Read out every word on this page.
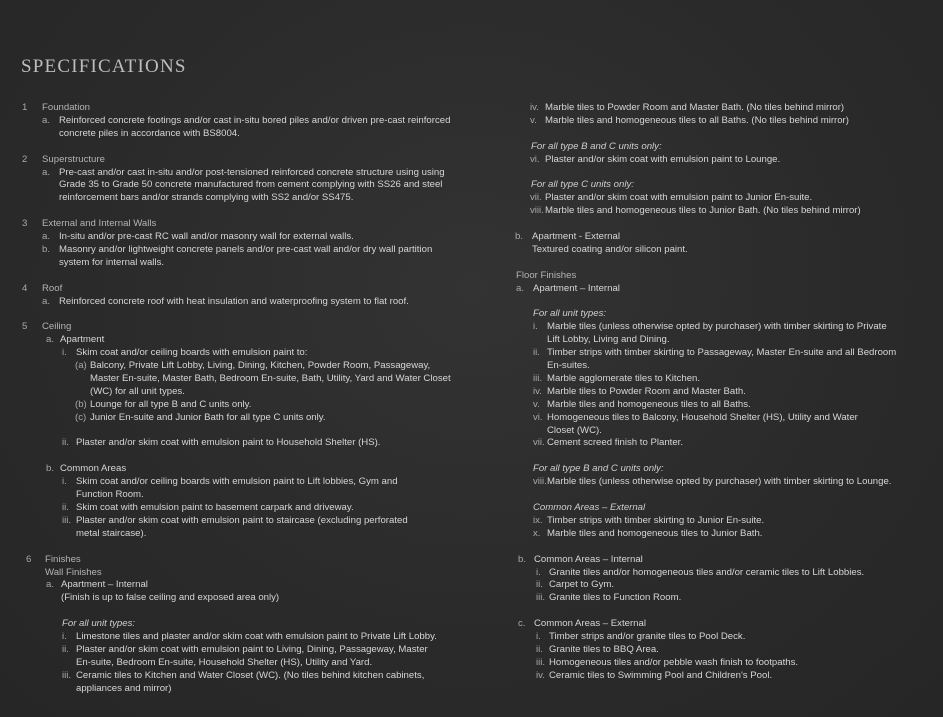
SPECIFICATIONS
1 Foundation
a. Reinforced concrete footings and/or cast in-situ bored piles and/or driven pre-cast reinforced
concrete piles in accordance with BS8004.
2 Superstructure
a. Pre-cast and/or cast in-situ and/or post-tensioned reinforced concrete structure using using
Grade 35 to Grade 50 concrete manufactured from cement complying with SS26 and steel
reinforcement bars and/or strands complying with SS2 and/or SS475.
3 External and Internal Walls
a. In-situ and/or pre-cast RC wall and/or masonry wall for external walls.
b. Masonry and/or lightweight concrete panels and/or pre-cast wall and/or dry wall partition
system for internal walls.
4 Roof
a. Reinforced concrete roof with heat insulation and waterproofing system to flat roof.
5 Ceiling
a. Apartment
i. Skim coat and/or ceiling boards with emulsion paint to:
(a) Balcony, Private Lift Lobby, Living, Dining, Kitchen, Powder Room, Passageway,
Master En-suite, Master Bath, Bedroom En-suite, Bath, Utility, Yard and Water Closet
(WC) for all unit types.
(b) Lounge for all type B and C units only.
(c) Junior En-suite and Junior Bath for all type C units only.
ii. Plaster and/or skim coat with emulsion paint to Household Shelter (HS).
b. Common Areas
i. Skim coat and/or ceiling boards with emulsion paint to Lift lobbies, Gym and
Function Room.
ii. Skim coat with emulsion paint to basement carpark and driveway.
iii. Plaster and/or skim coat with emulsion paint to staircase (excluding perforated
metal staircase).
6 Finishes
Wall Finishes
a. Apartment – Internal
(Finish is up to false ceiling and exposed area only)
For all unit types:
i. Limestone tiles and plaster and/or skim coat with emulsion paint to Private Lift Lobby.
ii. Plaster and/or skim coat with emulsion paint to Living, Dining, Passageway, Master
En-suite, Bedroom En-suite, Household Shelter (HS), Utility and Yard.
iii. Ceramic tiles to Kitchen and Water Closet (WC). (No tiles behind kitchen cabinets,
appliances and mirror)
iv. Marble tiles to Powder Room and Master Bath. (No tiles behind mirror)
v. Marble tiles and homogeneous tiles to all Baths. (No tiles behind mirror)
For all type B and C units only:
vi. Plaster and/or skim coat with emulsion paint to Lounge.
For all type C units only:
vii. Plaster and/or skim coat with emulsion paint to Junior En-suite.
viii. Marble tiles and homogeneous tiles to Junior Bath. (No tiles behind mirror)
b. Apartment - External
Textured coating and/or silicon paint.
Floor Finishes
a. Apartment – Internal
For all unit types:
i. Marble tiles (unless otherwise opted by purchaser) with timber skirting to Private
Lift Lobby, Living and Dining.
ii. Timber strips with timber skirting to Passageway, Master En-suite and all Bedroom
En-suites.
iii. Marble agglomerate tiles to Kitchen.
iv. Marble tiles to Powder Room and Master Bath.
v. Marble tiles and homogeneous tiles to all Baths.
vi. Homogeneous tiles to Balcony, Household Shelter (HS), Utility and Water
Closet (WC).
vii. Cement screed finish to Planter.
For all type B and C units only:
viii. Marble tiles (unless otherwise opted by purchaser) with timber skirting to Lounge.
Common Areas – External
ix. Timber strips with timber skirting to Junior En-suite.
x. Marble tiles and homogeneous tiles to Junior Bath.
b. Common Areas – Internal
i. Granite tiles and/or homogeneous tiles and/or ceramic tiles to Lift Lobbies.
ii. Carpet to Gym.
iii. Granite tiles to Function Room.
c. Common Areas – External
i. Timber strips and/or granite tiles to Pool Deck.
ii. Granite tiles to BBQ Area.
iii. Homogeneous tiles and/or pebble wash finish to footpaths.
iv. Ceramic tiles to Swimming Pool and Children's Pool.
